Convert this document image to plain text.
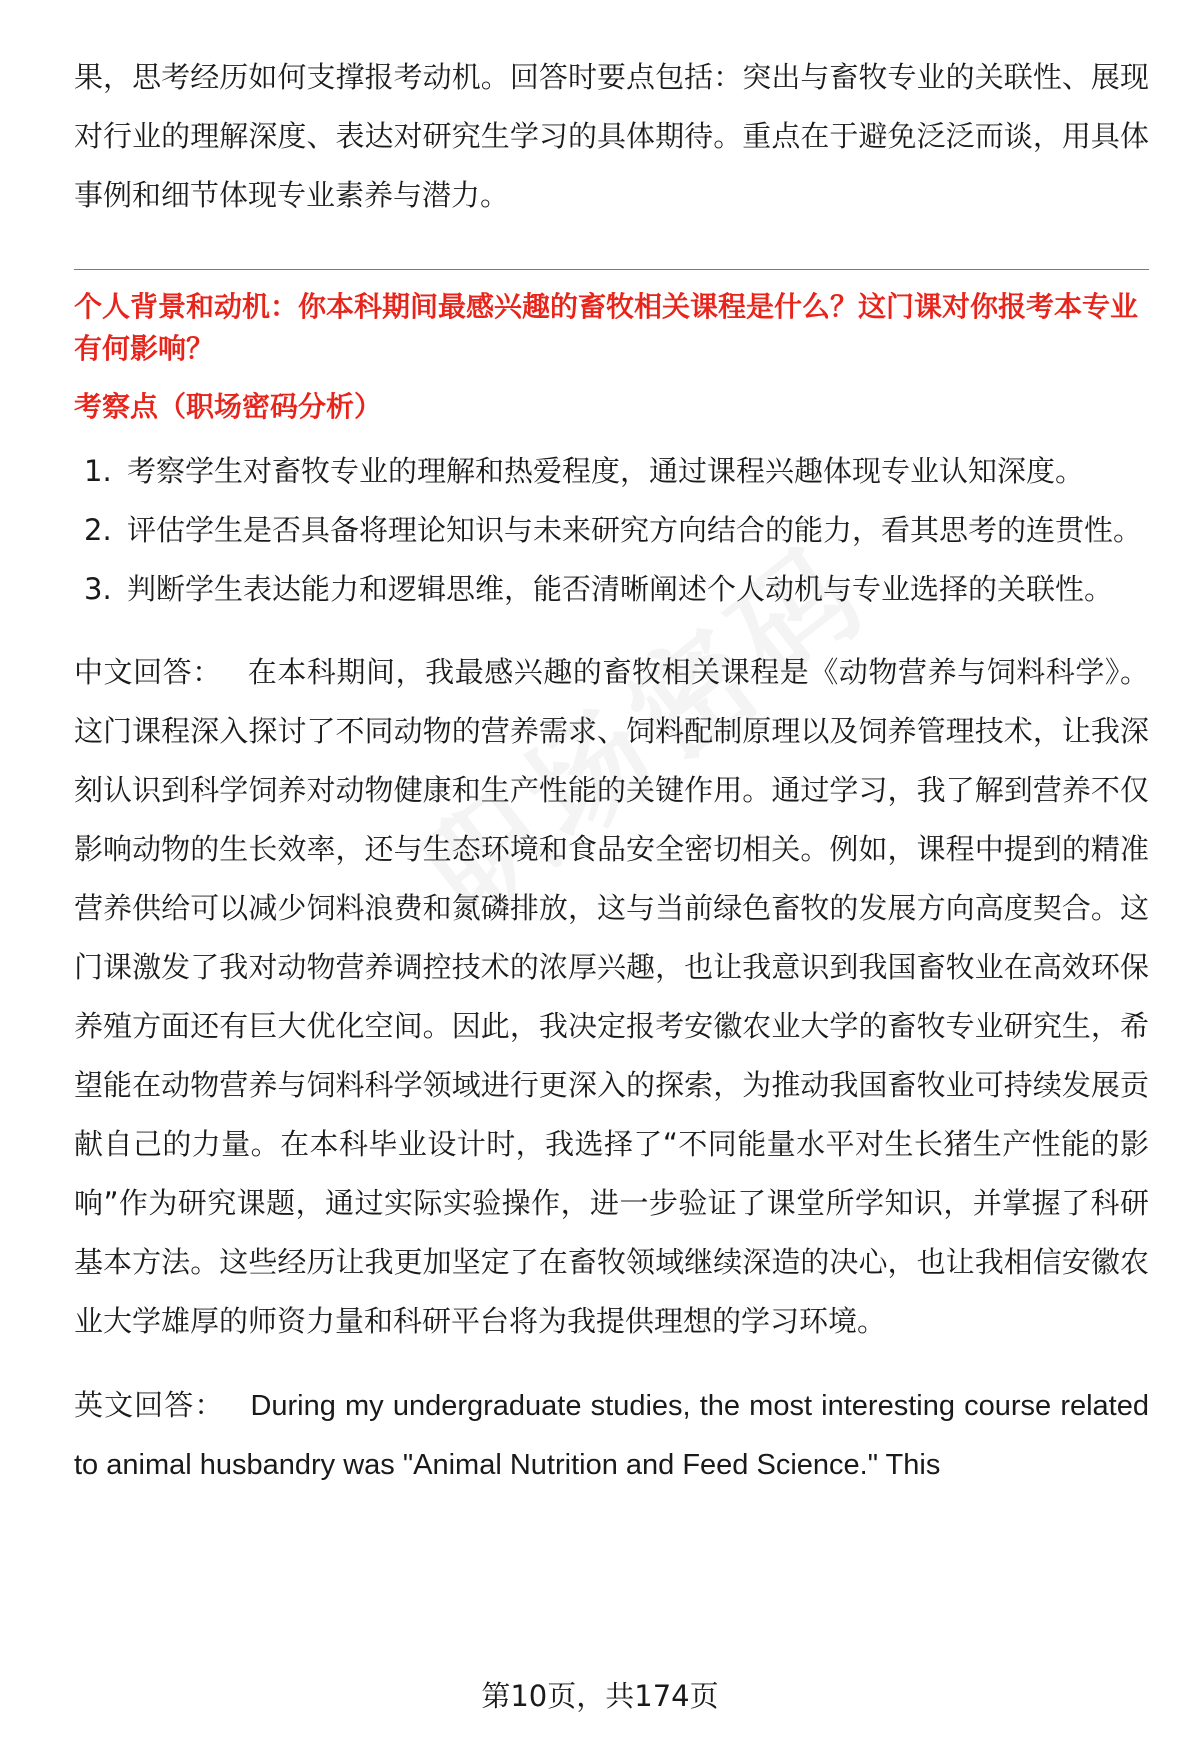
果，思考经历如何支撑报考动机。回答时要点包括：突出与畜牧专业的关联性、展现对行业的理解深度、表达对研究生学习的具体期待。重点在于避免泛泛而谈，用具体事例和细节体现专业素养与潜力。

个人背景和动机：你本科期间最感兴趣的畜牧相关课程是什么？这门课对你报考本专业有何影响？

考察点（职场密码分析）

1. 考察学生对畜牧专业的理解和热爱程度，通过课程兴趣体现专业认知深度。
2. 评估学生是否具备将理论知识与未来研究方向结合的能力，看其思考的连贯性。
3. 判断学生表达能力和逻辑思维，能否清晰阐述个人动机与专业选择的关联性。

中文回答： 在本科期间，我最感兴趣的畜牧相关课程是《动物营养与饲料科学》。这门课程深入探讨了不同动物的营养需求、饲料配制原理以及饲养管理技术，让我深刻认识到科学饲养对动物健康和生产性能的关键作用。通过学习，我了解到营养不仅影响动物的生长效率，还与生态环境和食品安全密切相关。例如，课程中提到的精准营养供给可以减少饲料浪费和氮磷排放，这与当前绿色畜牧的发展方向高度契合。这门课激发了我对动物营养调控技术的浓厚兴趣，也让我意识到我国畜牧业在高效环保养殖方面还有巨大优化空间。因此，我决定报考安徽农业大学的畜牧专业研究生，希望能在动物营养与饲料科学领域进行更深入的探索，为推动我国畜牧业可持续发展贡献自己的力量。在本科毕业设计时，我选择了“不同能量水平对生长猪生产性能的影响”作为研究课题，通过实际实验操作，进一步验证了课堂所学知识，并掌握了科研基本方法。这些经历让我更加坚定了在畜牧领域继续深造的决心，也让我相信安徽农业大学雄厚的师资力量和科研平台将为我提供理想的学习环境。

英文回答： During my undergraduate studies, the most interesting course related to animal husbandry was "Animal Nutrition and Feed Science." This

第10页，共174页
